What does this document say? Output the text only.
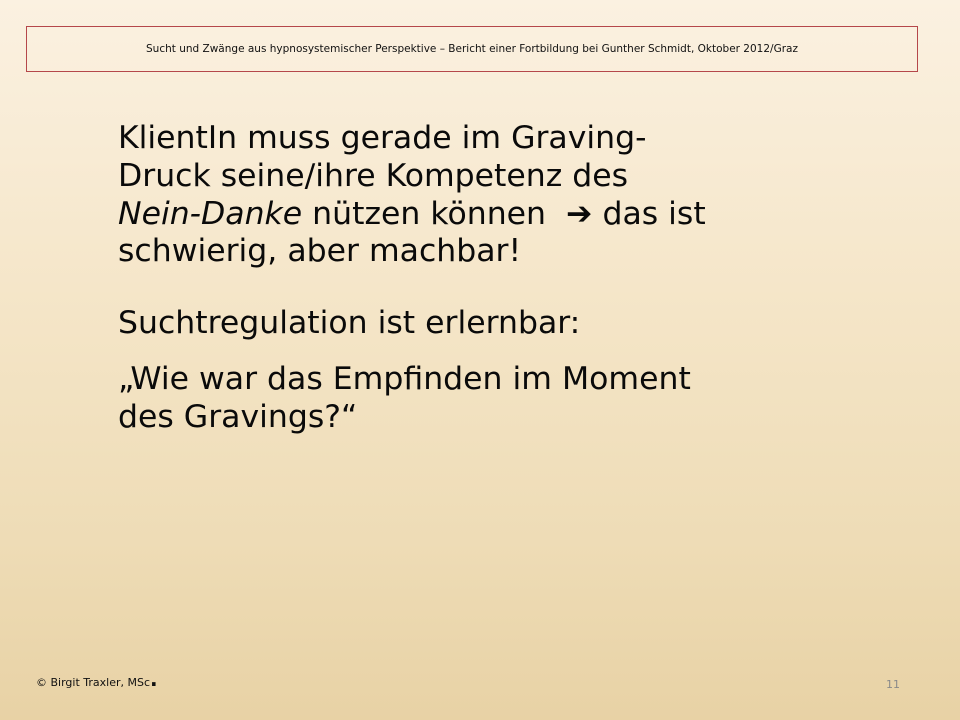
Sucht und Zwänge aus hypnosystemischer Perspektive – Bericht einer Fortbildung bei Gunther Schmidt, Oktober 2012/Graz

KlientIn muss gerade im Graving-
Druck seine/ihre Kompetenz des
Nein-Danke nützen können ➔ das ist
schwierig, aber machbar!

Suchtregulation ist erlernbar:

„Wie war das Empfinden im Moment
des Gravings?“

© Birgit Traxler, MSc.	11
